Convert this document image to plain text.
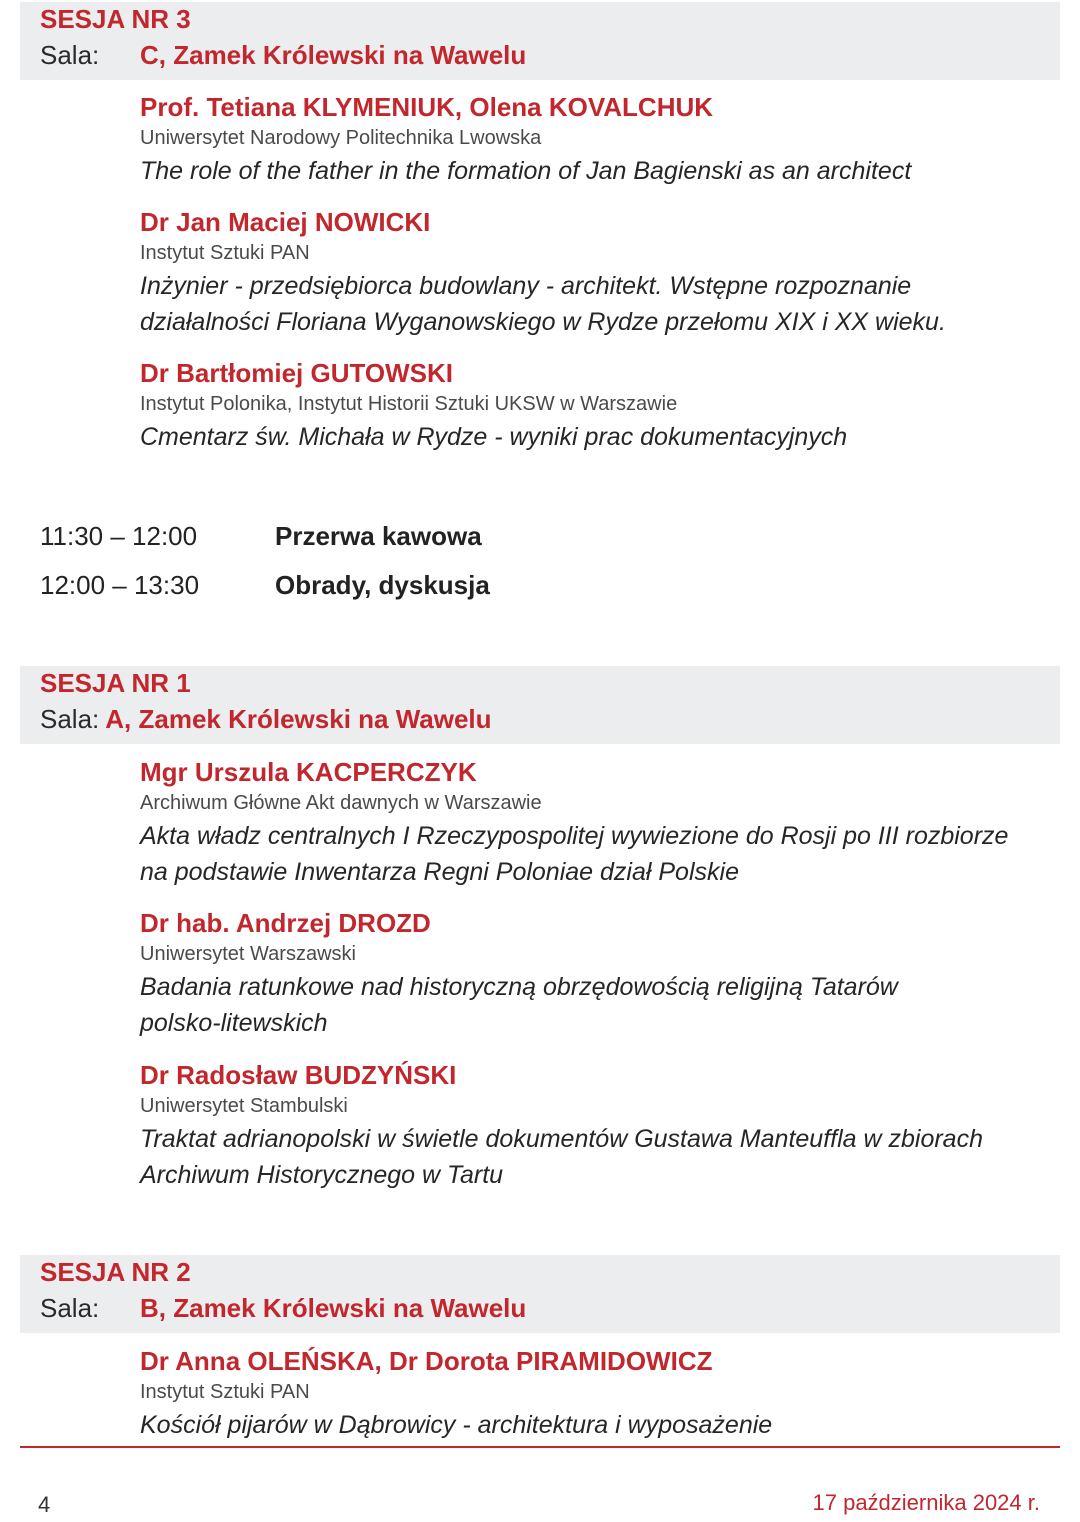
SESJA NR 3
Sala: C, Zamek Królewski na Wawelu
Prof. Tetiana KLYMENIUK, Olena KOVALCHUK
Uniwersytet Narodowy Politechnika Lwowska
The role of the father in the formation of Jan Bagienski as an architect
Dr Jan Maciej NOWICKI
Instytut Sztuki PAN
Inżynier - przedsiębiorca budowlany - architekt. Wstępne rozpoznanie działalności Floriana Wyganowskiego w Rydze przełomu XIX i XX wieku.
Dr Bartłomiej GUTOWSKI
Instytut Polonika, Instytut Historii Sztuki UKSW w Warszawie
Cmentarz św. Michała w Rydze - wyniki prac dokumentacyjnych
11:30 – 12:00	Przerwa kawowa
12:00 – 13:30	Obrady, dyskusja
SESJA NR 1
Sala: A, Zamek Królewski na Wawelu
Mgr Urszula KACPERCZYK
Archiwum Główne Akt dawnych w Warszawie
Akta władz centralnych I Rzeczypospolitej wywiezione do Rosji po III rozbiorze na podstawie Inwentarza Regni Poloniae dział Polskie
Dr hab. Andrzej DROZD
Uniwersytet Warszawski
Badania ratunkowe nad historyczną obrzędowością religijną Tatarów polsko-litewskich
Dr Radosław BUDZYŃSKI
Uniwersytet Stambulski
Traktat adrianopolski w świetle dokumentów Gustawa Manteuffla w zbiorach Archiwum Historycznego w Tartu
SESJA NR 2
Sala: B, Zamek Królewski na Wawelu
Dr Anna OLEŃSKA, Dr Dorota PIRAMIDOWICZ
Instytut Sztuki PAN
Kościół pijarów w Dąbrowicy - architektura i wyposażenie
4	17 października 2024 r.
